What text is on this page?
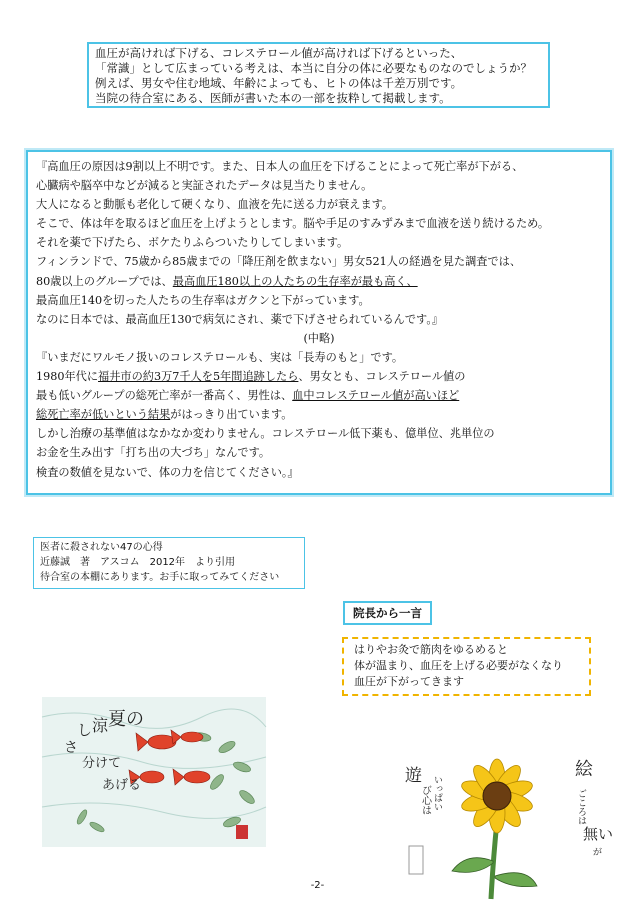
血圧が高ければ下げる、コレステロール値が高ければ下げるといった、
「常識」として広まっている考えは、本当に自分の体に必要なものなのでしょうか？
例えば、男女や住む地域、年齢によっても、ヒトの体は千差万別です。
当院の待合室にある、医師が書いた本の一部を抜粋して掲載します。
『高血圧の原因は9割以上不明です。また、日本人の血圧を下げることによって死亡率が下がる、
心臓病や脳卒中などが減ると実証されたデータは見当たりません。
大人になると動脈も老化して硬くなり、血液を先に送る力が衰えます。
そこで、体は年を取るほど血圧を上げようとします。脳や手足のすみずみまで血液を送り続けるため。
それを薬で下げたら、ボケたりふらついたりしてしまいます。
フィンランドで、75歳から85歳までの「降圧剤を飲まない」男女521人の経過を見た調査では、
80歳以上のグループでは、最高血圧180以上の人たちの生存率が最も高く、
最高血圧140を切った人たちの生存率はガクンと下がっています。
なのに日本では、最高血圧130で病気にされ、薬で下げさせられているんです。』
(中略)
『いまだにワルモノ扱いのコレステロールも、実は「長寿のもと」です。
1980年代に福井市の約3万7千人を5年間追跡したら、男女とも、コレステロール値の
最も低いグループの総死亡率が一番高く、男性は、血中コレステロール値が高いほど
総死亡率が低いという結果がはっきり出ています。
しかし治療の基準値はなかなか変わりません。コレステロール低下薬も、億単位、兆単位の
お金を生み出す「打ち出の大づち」なんです。
検査の数値を見ないで、体の力を信じてください。』
医者に殺されない47の心得
近藤誠　著　アスコム　2012年　より引用
待合室の本棚にあります。お手に取ってみてください
院長から一言
はりやお灸で筋肉をゆるめると
体が温まり、血圧を上げる必要がなくなり
血圧が下がってきます
夏の
涼
し
さ
分けて
あげる
絵
ごころは
無い
が
遊
び心は いっぱい
-2-
